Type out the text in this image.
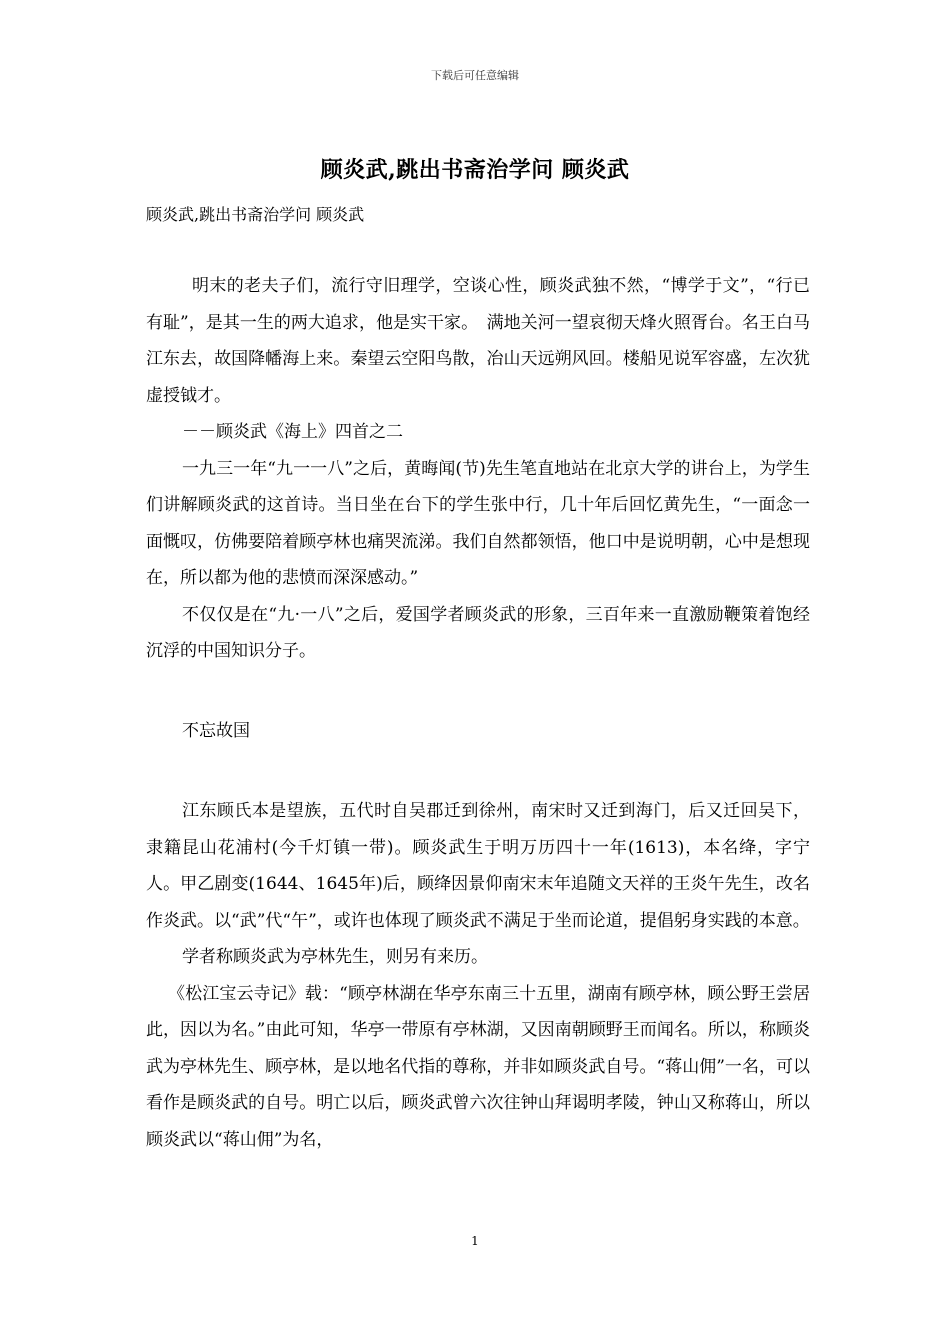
下载后可任意编辑
顾炎武,跳出书斋治学问 顾炎武
顾炎武,跳出书斋治学问 顾炎武

明末的老夫子们，流行守旧理学，空谈心性，顾炎武独不然，“博学于文”，“行已有耻”，是其一生的两大追求，他是实干家。　满地关河一望哀彻天烽火照胥台。名王白马江东去，故国降幡海上来。秦望云空阳鸟散，冶山天远朔风回。楼船见说军容盛，左次犹虚授钺才。

－－顾炎武《海上》四首之二

一九三一年“九一一八”之后，黄晦闻(节)先生笔直地站在北京大学的讲台上，为学生们讲解顾炎武的这首诗。当日坐在台下的学生张中行，几十年后回忆黄先生，“一面念一面慨叹，仿佛要陪着顾亭林也痛哭流涕。我们自然都领悟，他口中是说明朝，心中是想现在，所以都为他的悲愤而深深感动。”

不仅仅是在“九·一八”之后，爱国学者顾炎武的形象，三百年来一直激励鞭策着饱经沉浮的中国知识分子。

不忘故国

江东顾氏本是望族，五代时自吴郡迁到徐州，南宋时又迁到海门，后又迁回吴下，隶籍昆山花浦村(今千灯镇一带)。顾炎武生于明万历四十一年(1613)，本名绛，字宁人。甲乙剧变(1644、1645年)后，顾绛因景仰南宋末年追随文天祥的王炎午先生，改名作炎武。以“武”代“午”，或许也体现了顾炎武不满足于坐而论道，提倡躬身实践的本意。

学者称顾炎武为亭林先生，则另有来历。

《松江宝云寺记》载：“顾亭林湖在华亭东南三十五里，湖南有顾亭林，顾公野王尝居此，因以为名。”由此可知，华亭一带原有亭林湖，又因南朝顾野王而闻名。所以，称顾炎武为亭林先生、顾亭林，是以地名代指的尊称，并非如顾炎武自号。“蒋山佣”一名，可以看作是顾炎武的自号。明亡以后，顾炎武曾六次往钟山拜谒明孝陵，钟山又称蒋山，所以顾炎武以“蒋山佣”为名，

1
